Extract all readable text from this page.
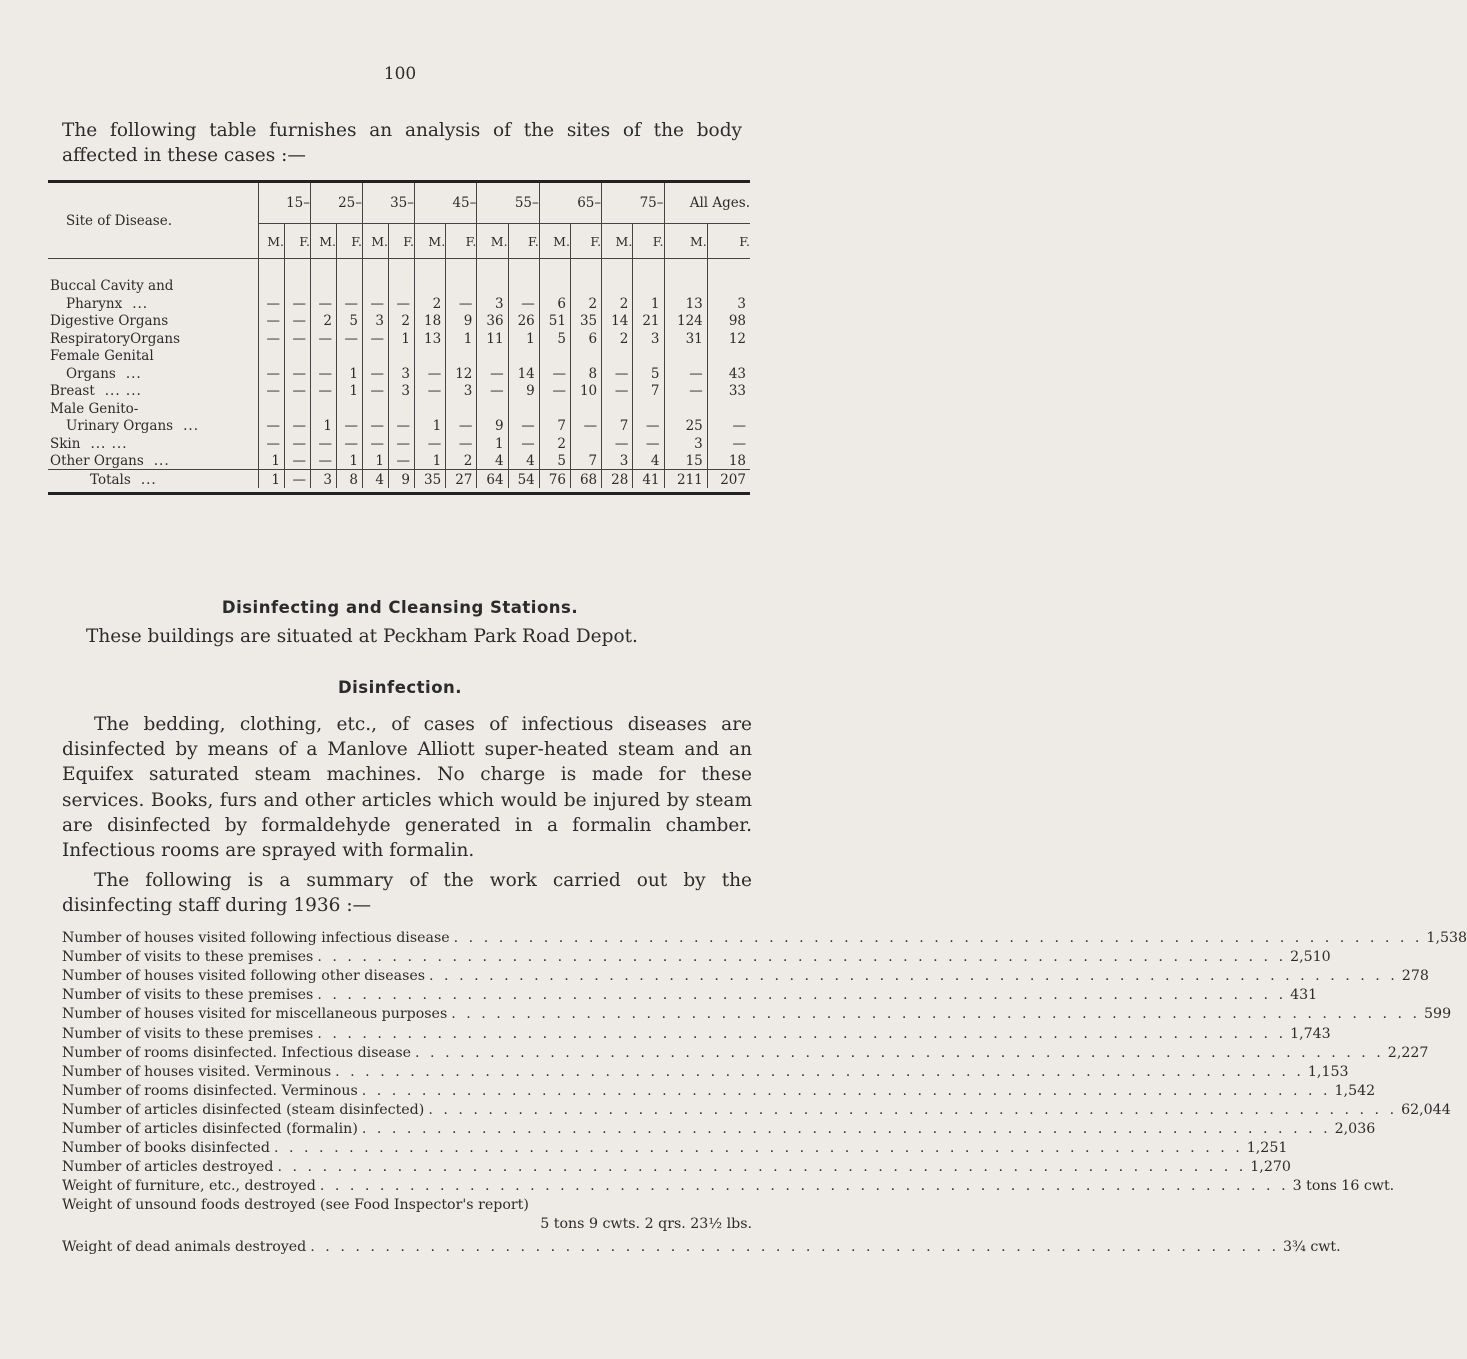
100
The following table furnishes an analysis of the sites of the body affected in these cases :—
Site of Disease.	15–		25–		35–		45–		55–		65–		75–		All Ages.	
	M.	F.	M.	F.	M.	F.	M.	F.	M.	F.	M.	F.	M.	F.	M.	F.

Buccal Cavity and																
Pharynx ...	—	—	—	—	—	—	2	—	3	—	6	2	2	1	13	3
Digestive Organs	—	—	2	5	3	2	18	9	36	26	51	35	14	21	124	98
RespiratoryOrgans	—	—	—	—	—	1	13	1	11	1	5	6	2	3	31	12
Female Genital																
Organs ...	—	—	—	1	—	3	—	12	—	14	—	8	—	5	—	43
Breast ... ...	—	—	—	1	—	3	—	3	—	9	—	10	—	7	—	33
Male Genito-																
Urinary Organs ...	—	—	1	—	—	—	1	—	9	—	7	—	7	—	25	—
Skin ... ...	—	—	—	—	—	—	—	—	1	—	2		—	—	3	—
Other Organs ...	1	—	—	1	1	—	1	2	4	4	5	7	3	4	15	18
Totals ...	1	—	3	8	4	9	35	27	64	54	76	68	28	41	211	207
Disinfecting and Cleansing Stations.

These buildings are situated at Peckham Park Road Depot.

Disinfection.

The bedding, clothing, etc., of cases of infectious diseases are disinfected by means of a Manlove Alliott super-heated steam and an Equifex saturated steam machines. No charge is made for these services. Books, furs and other articles which would be injured by steam are disinfected by formaldehyde generated in a formalin chamber. Infectious rooms are sprayed with formalin.

The following is a summary of the work carried out by the disinfecting staff during 1936 :—

Number of houses visited following infectious disease . . . . . . . . . . . . . . . . . . . . . . . . . . . . . . . . . . . . . . . . . . . . . . . . . . . . . . . . . . . . . . . . . 1,538
Number of visits to these premises . . . . . . . . . . . . . . . . . . . . . . . . . . . . . . . . . . . . . . . . . . . . . . . . . . . . . . . . . . . . . . . . . 2,510
Number of houses visited following other diseases . . . . . . . . . . . . . . . . . . . . . . . . . . . . . . . . . . . . . . . . . . . . . . . . . . . . . . . . . . . . . . . . . 278
Number of visits to these premises . . . . . . . . . . . . . . . . . . . . . . . . . . . . . . . . . . . . . . . . . . . . . . . . . . . . . . . . . . . . . . . . . 431
Number of houses visited for miscellaneous purposes . . . . . . . . . . . . . . . . . . . . . . . . . . . . . . . . . . . . . . . . . . . . . . . . . . . . . . . . . . . . . . . . . 599
Number of visits to these premises . . . . . . . . . . . . . . . . . . . . . . . . . . . . . . . . . . . . . . . . . . . . . . . . . . . . . . . . . . . . . . . . . 1,743
Number of rooms disinfected. Infectious disease . . . . . . . . . . . . . . . . . . . . . . . . . . . . . . . . . . . . . . . . . . . . . . . . . . . . . . . . . . . . . . . . . 2,227
Number of houses visited. Verminous . . . . . . . . . . . . . . . . . . . . . . . . . . . . . . . . . . . . . . . . . . . . . . . . . . . . . . . . . . . . . . . . . 1,153
Number of rooms disinfected. Verminous . . . . . . . . . . . . . . . . . . . . . . . . . . . . . . . . . . . . . . . . . . . . . . . . . . . . . . . . . . . . . . . . . 1,542
Number of articles disinfected (steam disinfected) . . . . . . . . . . . . . . . . . . . . . . . . . . . . . . . . . . . . . . . . . . . . . . . . . . . . . . . . . . . . . . . . . 62,044
Number of articles disinfected (formalin) . . . . . . . . . . . . . . . . . . . . . . . . . . . . . . . . . . . . . . . . . . . . . . . . . . . . . . . . . . . . . . . . . 2,036
Number of books disinfected . . . . . . . . . . . . . . . . . . . . . . . . . . . . . . . . . . . . . . . . . . . . . . . . . . . . . . . . . . . . . . . . . 1,251
Number of articles destroyed . . . . . . . . . . . . . . . . . . . . . . . . . . . . . . . . . . . . . . . . . . . . . . . . . . . . . . . . . . . . . . . . . 1,270
Weight of furniture, etc., destroyed . . . . . . . . . . . . . . . . . . . . . . . . . . . . . . . . . . . . . . . . . . . . . . . . . . . . . . . . . . . . . . . . . 3 tons 16 cwt.
Weight of unsound foods destroyed (see Food Inspector's report)
5 tons 9 cwts. 2 qrs. 23½ lbs.
Weight of dead animals destroyed . . . . . . . . . . . . . . . . . . . . . . . . . . . . . . . . . . . . . . . . . . . . . . . . . . . . . . . . . . . . . . . . . 3¾ cwt.
